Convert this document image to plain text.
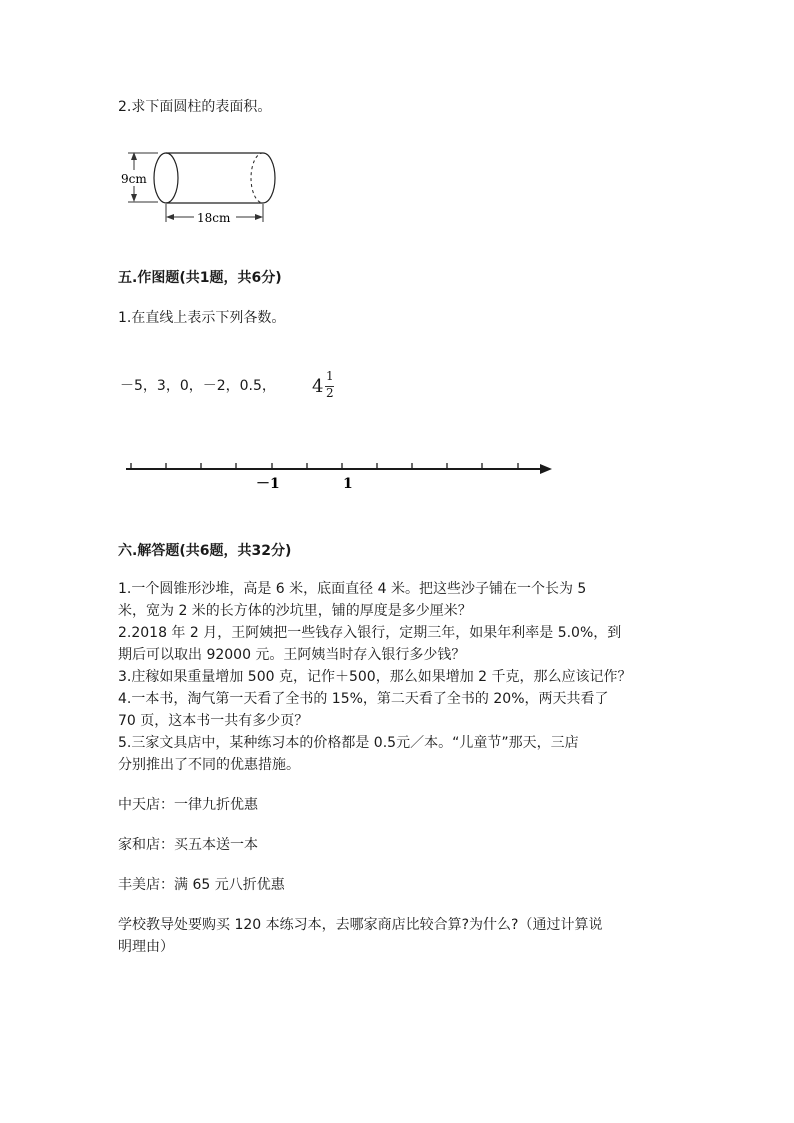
2.求下面圆柱的表面积。
9cm
18cm
五.作图题(共1题，共6分)
1.在直线上表示下列各数。
－5，3，0，－2，0.5， 4 1
2
－1	1
六.解答题(共6题，共32分)
1.一个圆锥形沙堆，高是 6 米，底面直径 4 米。把这些沙子铺在一个长为 5
米，宽为 2 米的长方体的沙坑里，铺的厚度是多少厘米？
2.2018 年 2 月，王阿姨把一些钱存入银行，定期三年，如果年利率是 5.0%，到
期后可以取出 92000 元。王阿姨当时存入银行多少钱？
3.庄稼如果重量增加 500 克，记作＋500，那么如果增加 2 千克，那么应该记作？
4.一本书，淘气第一天看了全书的 15%，第二天看了全书的 20%，两天共看了
70 页，这本书一共有多少页？
5.三家文具店中，某种练习本的价格都是 0.5元／本。“儿童节”那天，三店
分别推出了不同的优惠措施。
中天店：一律九折优惠
家和店：买五本送一本
丰美店：满 65 元八折优惠
学校教导处要购买 120 本练习本，去哪家商店比较合算?为什么?（通过计算说
明理由）
